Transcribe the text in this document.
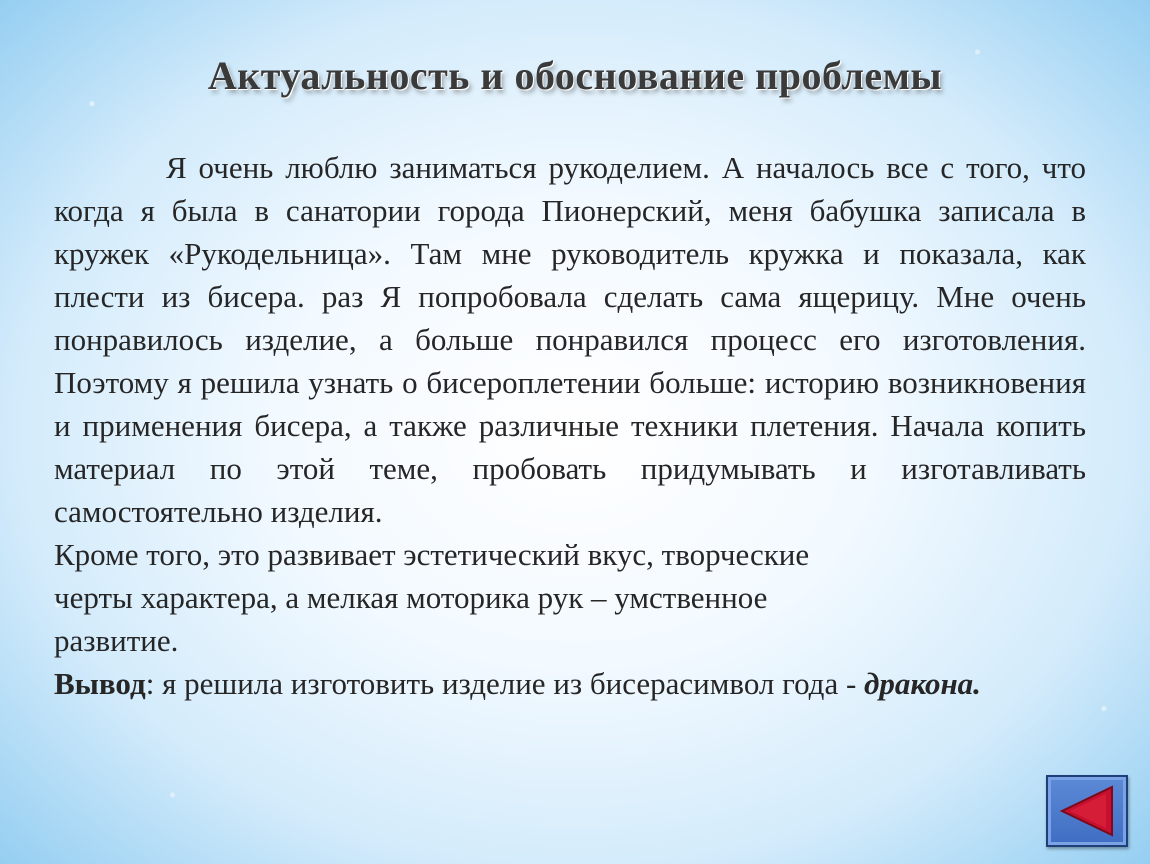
Актуальность и обоснование проблемы

Я очень люблю заниматься рукоделием. А началось все с того, что когда я была в санатории города Пионерский, меня бабушка записала в кружек «Рукодельница». Там мне руководитель кружка и показала, как плести из бисера. раз Я попробовала сделать сама ящерицу. Мне очень понравилось изделие, а больше понравился процесс его изготовления. Поэтому я решила узнать о бисероплетении больше: историю возникновения и применения бисера, а также различные техники плетения. Начала копить материал по этой теме, пробовать придумывать и изготавливать самостоятельно изделия.

Кроме того, это развивает эстетический вкус, творческие
черты характера, а мелкая моторика рук – умственное
развитие.

Вывод: я решила изготовить изделие из бисерасимвол года - дракона.
